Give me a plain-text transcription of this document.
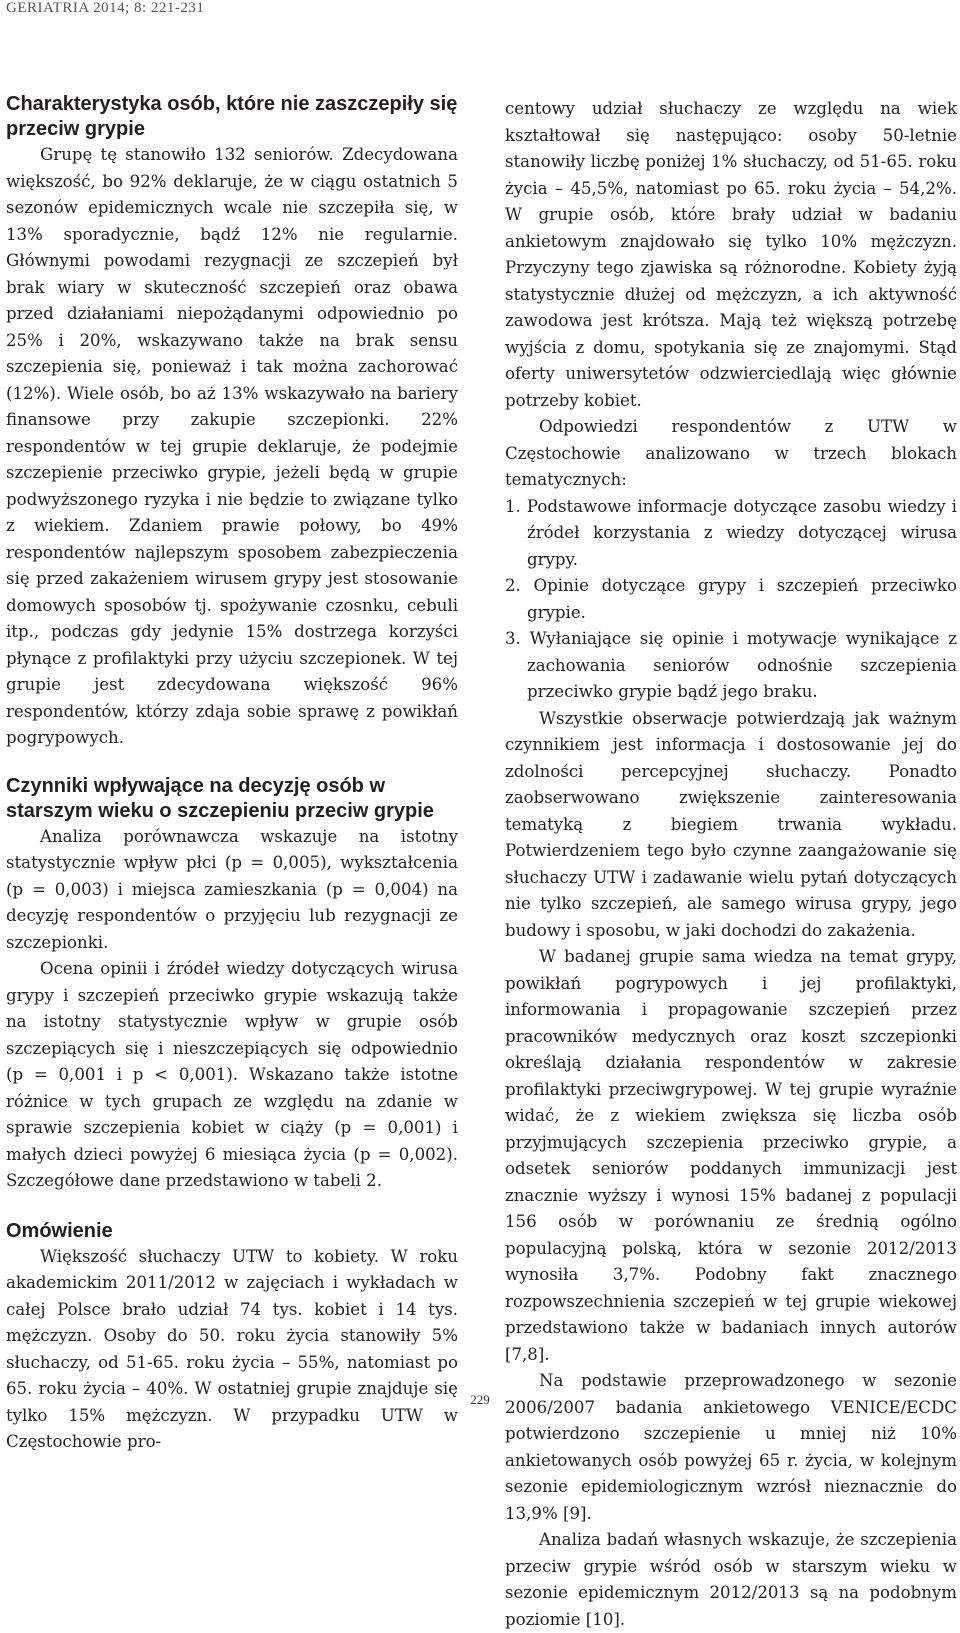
GERIATRIA 2014; 8: 221-231
Charakterystyka osób, które nie zaszczepiły się przeciw grypie

Grupę tę stanowiło 132 seniorów. Zdecydowana większość, bo 92% deklaruje, że w ciągu ostatnich 5 sezonów epidemicznych wcale nie szczepiła się, w 13% sporadycznie, bądź 12% nie regularnie. Głównymi powodami rezygnacji ze szczepień był brak wiary w skuteczność szczepień oraz obawa przed działaniami niepożądanymi odpowiednio po 25% i 20%, wskazywano także na brak sensu szczepienia się, ponieważ i tak można zachorować (12%). Wiele osób, bo aż 13% wskazywało na bariery finansowe przy zakupie szczepionki. 22% respondentów w tej grupie deklaruje, że podejmie szczepienie przeciwko grypie, jeżeli będą w grupie podwyższonego ryzyka i nie będzie to związane tylko z wiekiem. Zdaniem prawie połowy, bo 49% respondentów najlepszym sposobem zabezpieczenia się przed zakażeniem wirusem grypy jest stosowanie domowych sposobów tj. spożywanie czosnku, cebuli itp., podczas gdy jedynie 15% dostrzega korzyści płynące z profilaktyki przy użyciu szczepionek. W tej grupie jest zdecydowana większość 96% respondentów, którzy zdaja sobie sprawę z powikłań pogrypowych.

Czynniki wpływające na decyzję osób w starszym wieku o szczepieniu przeciw grypie

Analiza porównawcza wskazuje na istotny statystycznie wpływ płci (p = 0,005), wykształcenia (p = 0,003) i miejsca zamieszkania (p = 0,004) na decyzję respondentów o przyjęciu lub rezygnacji ze szczepionki.

Ocena opinii i źródeł wiedzy dotyczących wirusa grypy i szczepień przeciwko grypie wskazują także na istotny statystycznie wpływ w grupie osób szczepiących się i nieszczepiących się odpowiednio (p = 0,001 i p < 0,001). Wskazano także istotne różnice w tych grupach ze względu na zdanie w sprawie szczepienia kobiet w ciąży (p = 0,001) i małych dzieci powyżej 6 miesiąca życia (p = 0,002). Szczegółowe dane przedstawiono w tabeli 2.

Omówienie

Większość słuchaczy UTW to kobiety. W roku akademickim 2011/2012 w zajęciach i wykładach w całej Polsce brało udział 74 tys. kobiet i 14 tys. mężczyzn. Osoby do 50. roku życia stanowiły 5% słuchaczy, od 51-65. roku życia – 55%, natomiast po 65. roku życia – 40%. W ostatniej grupie znajduje się tylko 15% mężczyzn. W przypadku UTW w Częstochowie pro-

centowy udział słuchaczy ze względu na wiek kształtował się następująco: osoby 50-letnie stanowiły liczbę poniżej 1% słuchaczy, od 51-65. roku życia – 45,5%, natomiast po 65. roku życia – 54,2%. W grupie osób, które brały udział w badaniu ankietowym znajdowało się tylko 10% mężczyzn. Przyczyny tego zjawiska są różnorodne. Kobiety żyją statystycznie dłużej od mężczyzn, a ich aktywność zawodowa jest krótsza. Mają też większą potrzebę wyjścia z domu, spotykania się ze znajomymi. Stąd oferty uniwersytetów odzwierciedlają więc głównie potrzeby kobiet.

Odpowiedzi respondentów z UTW w Częstochowie analizowano w trzech blokach tematycznych:

1. Podstawowe informacje dotyczące zasobu wiedzy i źródeł korzystania z wiedzy dotyczącej wirusa grypy.
2. Opinie dotyczące grypy i szczepień przeciwko grypie.
3. Wyłaniające się opinie i motywacje wynikające z zachowania seniorów odnośnie szczepienia przeciwko grypie bądź jego braku.

Wszystkie obserwacje potwierdzają jak ważnym czynnikiem jest informacja i dostosowanie jej do zdolności percepcyjnej słuchaczy. Ponadto zaobserwowano zwiększenie zainteresowania tematyką z biegiem trwania wykładu. Potwierdzeniem tego było czynne zaangażowanie się słuchaczy UTW i zadawanie wielu pytań dotyczących nie tylko szczepień, ale samego wirusa grypy, jego budowy i sposobu, w jaki dochodzi do zakażenia.

W badanej grupie sama wiedza na temat grypy, powikłań pogrypowych i jej profilaktyki, informowania i propagowanie szczepień przez pracowników medycznych oraz koszt szczepionki określają działania respondentów w zakresie profilaktyki przeciwgrypowej. W tej grupie wyraźnie widać, że z wiekiem zwiększa się liczba osób przyjmujących szczepienia przeciwko grypie, a odsetek seniorów poddanych immunizacji jest znacznie wyższy i wynosi 15% badanej z populacji 156 osób w porównaniu ze średnią ogólno populacyjną polską, która w sezonie 2012/2013 wynosiła 3,7%. Podobny fakt znacznego rozpowszechnienia szczepień w tej grupie wiekowej przedstawiono także w badaniach innych autorów [7,8].

Na podstawie przeprowadzonego w sezonie 2006/2007 badania ankietowego VENICE/ECDC potwierdzono szczepienie u mniej niż 10% ankietowanych osób powyżej 65 r. życia, w kolejnym sezonie epidemiologicznym wzrósł nieznacznie do 13,9% [9].

Analiza badań własnych wskazuje, że szczepienia przeciw grypie wśród osób w starszym wieku w sezonie epidemicznym 2012/2013 są na podobnym poziomie [10].

229
